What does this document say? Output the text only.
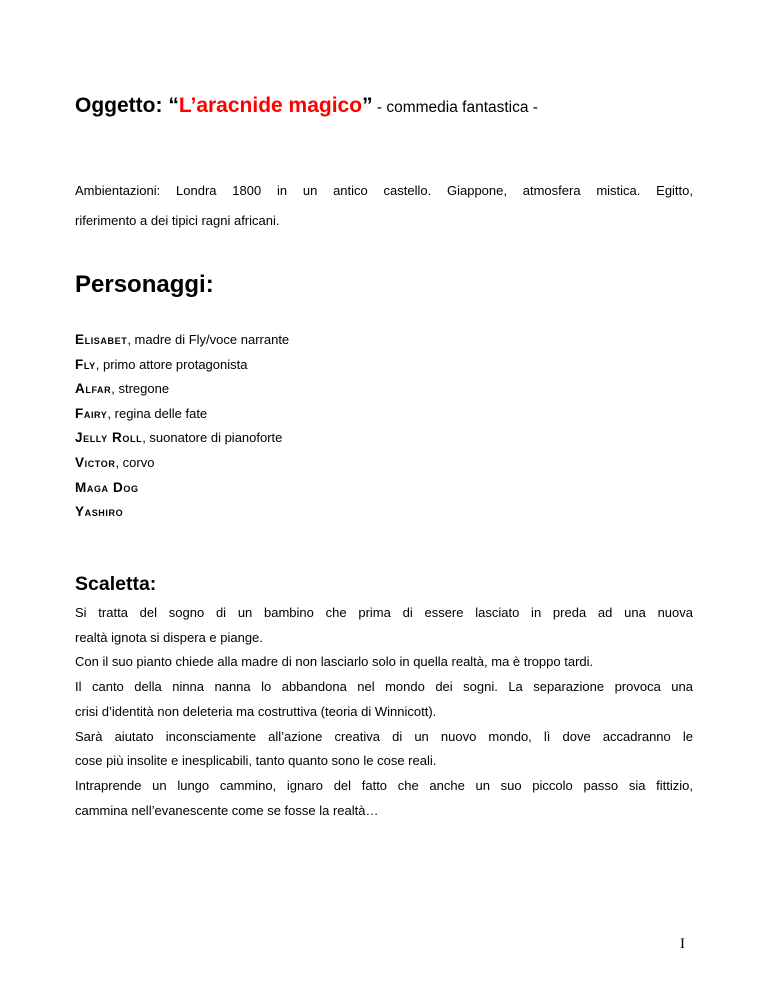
Oggetto: “L’aracnide magico” - commedia fantastica -
Ambientazioni: Londra 1800 in un antico castello. Giappone, atmosfera mistica. Egitto,
riferimento a dei tipici ragni africani.
Personaggi:
Elisabet, madre di Fly/voce narrante
Fly, primo attore protagonista
Alfar, stregone
Fairy, regina delle fate
Jelly Roll, suonatore di pianoforte
Victor, corvo
Maga Dog
Yashiro
Scaletta:
Si tratta del sogno di un bambino che prima di essere lasciato in preda ad una nuova
realtà ignota si dispera e piange.
Con il suo pianto chiede alla madre di non lasciarlo solo in quella realtà, ma è troppo tardi.
Il canto della ninna nanna lo abbandona nel mondo dei sogni. La separazione provoca una
crisi d’identità non deleteria ma costruttiva (teoria di Winnicott).
Sarà aiutato inconsciamente all’azione creativa di un nuovo mondo, lì dove accadranno le
cose più insolite e inesplicabili, tanto quanto sono le cose reali.
Intraprende un lungo cammino, ignaro del fatto che anche un suo piccolo passo sia fittizio,
cammina nell’evanescente come se fosse la realtà…
I
